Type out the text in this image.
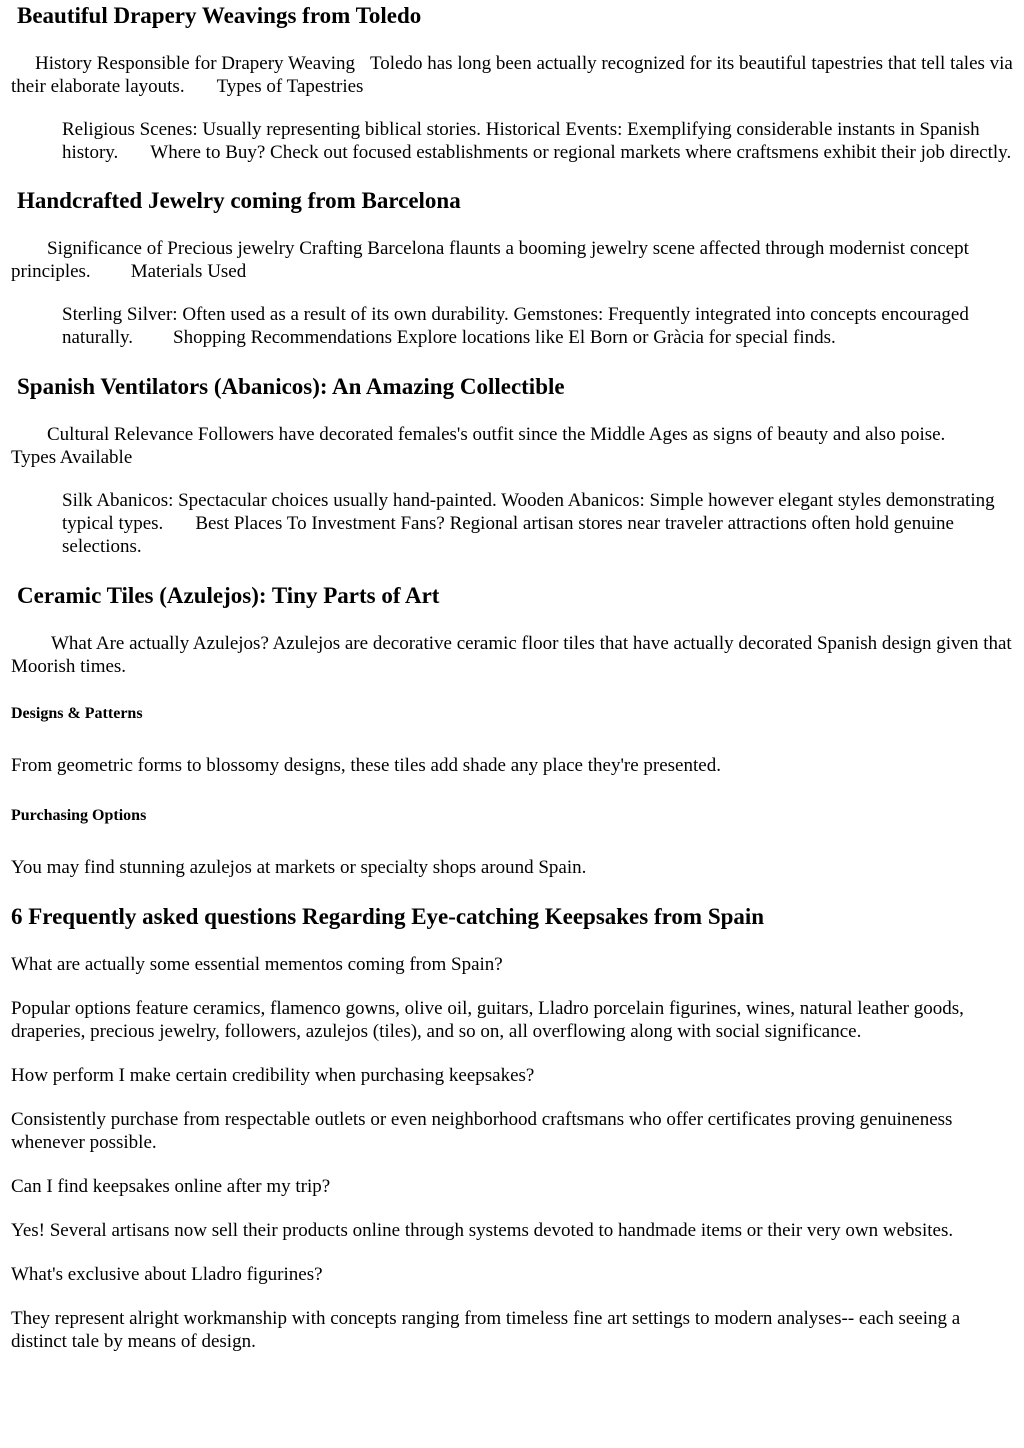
Beautiful Drapery Weavings from Toledo

History Responsible for Drapery Weaving Toledo has long been actually recognized for its beautiful tapestries that tell tales via their elaborate layouts. Types of Tapestries

Religious Scenes: Usually representing biblical stories. Historical Events: Exemplifying considerable instants in Spanish history. Where to Buy? Check out focused establishments or regional markets where craftsmens exhibit their job directly.

Handcrafted Jewelry coming from Barcelona

Significance of Precious jewelry Crafting Barcelona flaunts a booming jewelry scene affected through modernist concept principles. Materials Used

Sterling Silver: Often used as a result of its own durability. Gemstones: Frequently integrated into concepts encouraged naturally. Shopping Recommendations Explore locations like El Born or Gràcia for special finds.

Spanish Ventilators (Abanicos): An Amazing Collectible

Cultural Relevance Followers have decorated females's outfit since the Middle Ages as signs of beauty and also poise.Types Available

Silk Abanicos: Spectacular choices usually hand-painted. Wooden Abanicos: Simple however elegant styles demonstrating typical types. Best Places To Investment Fans? Regional artisan stores near traveler attractions often hold genuine selections.

Ceramic Tiles (Azulejos): Tiny Parts of Art

What Are actually Azulejos? Azulejos are decorative ceramic floor tiles that have actually decorated Spanish design given that Moorish times.

Designs & Patterns

From geometric forms to blossomy designs, these tiles add shade any place they're presented.

Purchasing Options

You may find stunning azulejos at markets or specialty shops around Spain.

6 Frequently asked questions Regarding Eye-catching Keepsakes from Spain

What are actually some essential mementos coming from Spain?

Popular options feature ceramics, flamenco gowns, olive oil, guitars, Lladro porcelain figurines, wines, natural leather goods, draperies, precious jewelry, followers, azulejos (tiles), and so on, all overflowing along with social significance.

How perform I make certain credibility when purchasing keepsakes?

Consistently purchase from respectable outlets or even neighborhood craftsmans who offer certificates proving genuineness whenever possible.

Can I find keepsakes online after my trip?

Yes! Several artisans now sell their products online through systems devoted to handmade items or their very own websites.

What's exclusive about Lladro figurines?

They represent alright workmanship with concepts ranging from timeless fine art settings to modern analyses-- each seeing a distinct tale by means of design.
